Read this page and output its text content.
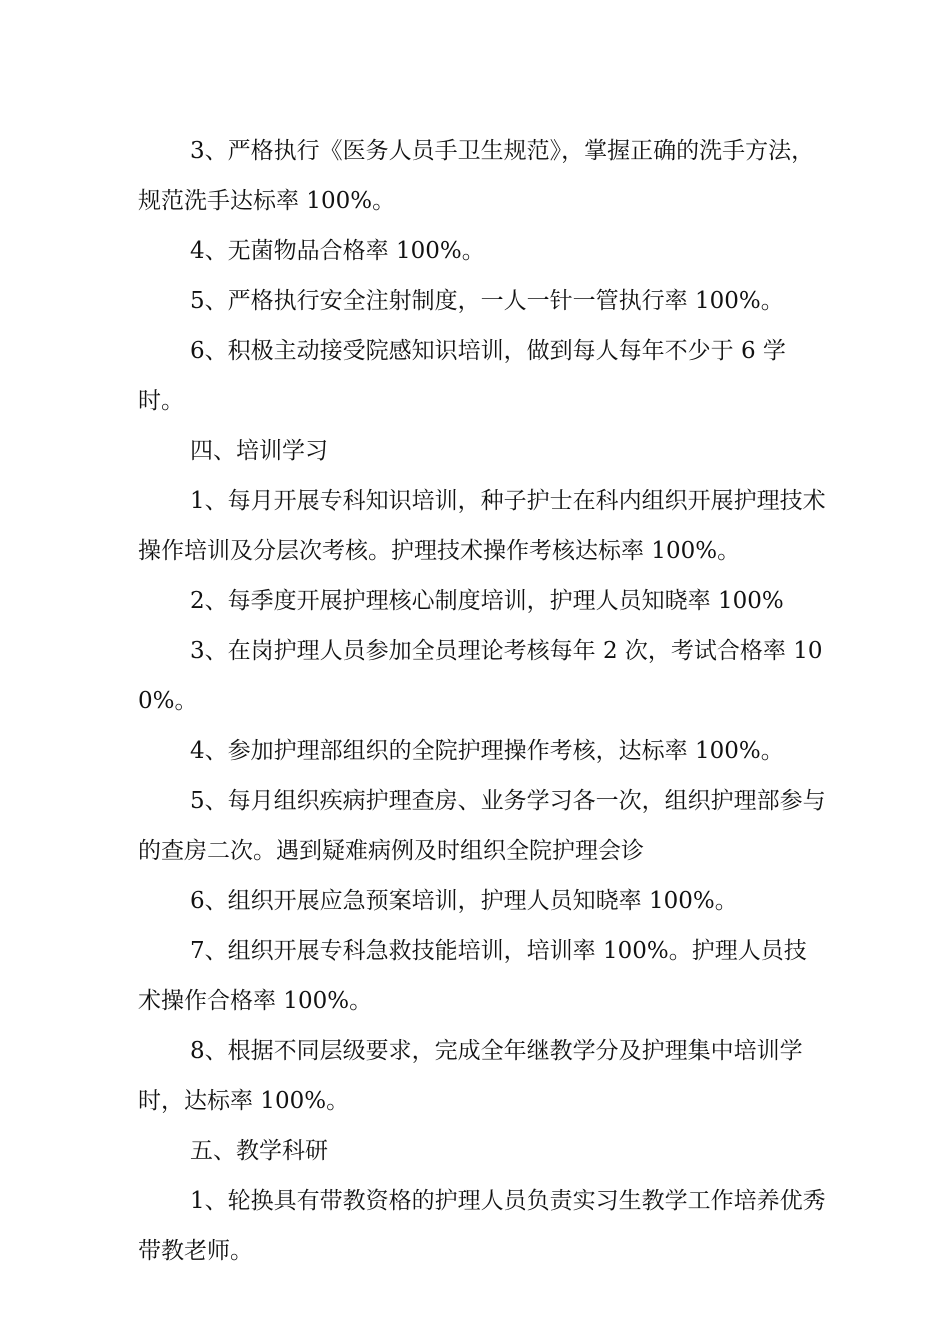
3、严格执行《医务人员手卫生规范》，掌握正确的洗手方法，规范洗手达标率 100%。

4、无菌物品合格率 100%。

5、严格执行安全注射制度，一人一针一管执行率 100%。

6、积极主动接受院感知识培训，做到每人每年不少于 6 学时。

四、培训学习

1、每月开展专科知识培训，种子护士在科内组织开展护理技术操作培训及分层次考核。护理技术操作考核达标率 100%。

2、每季度开展护理核心制度培训，护理人员知晓率 100%

3、在岗护理人员参加全员理论考核每年 2 次，考试合格率 100%。

4、参加护理部组织的全院护理操作考核，达标率 100%。

5、每月组织疾病护理查房、业务学习各一次，组织护理部参与的查房二次。遇到疑难病例及时组织全院护理会诊

6、组织开展应急预案培训，护理人员知晓率 100%。

7、组织开展专科急救技能培训，培训率 100%。护理人员技术操作合格率 100%。

8、根据不同层级要求，完成全年继教学分及护理集中培训学时，达标率 100%。

五、教学科研

1、轮换具有带教资格的护理人员负责实习生教学工作培养优秀带教老师。
